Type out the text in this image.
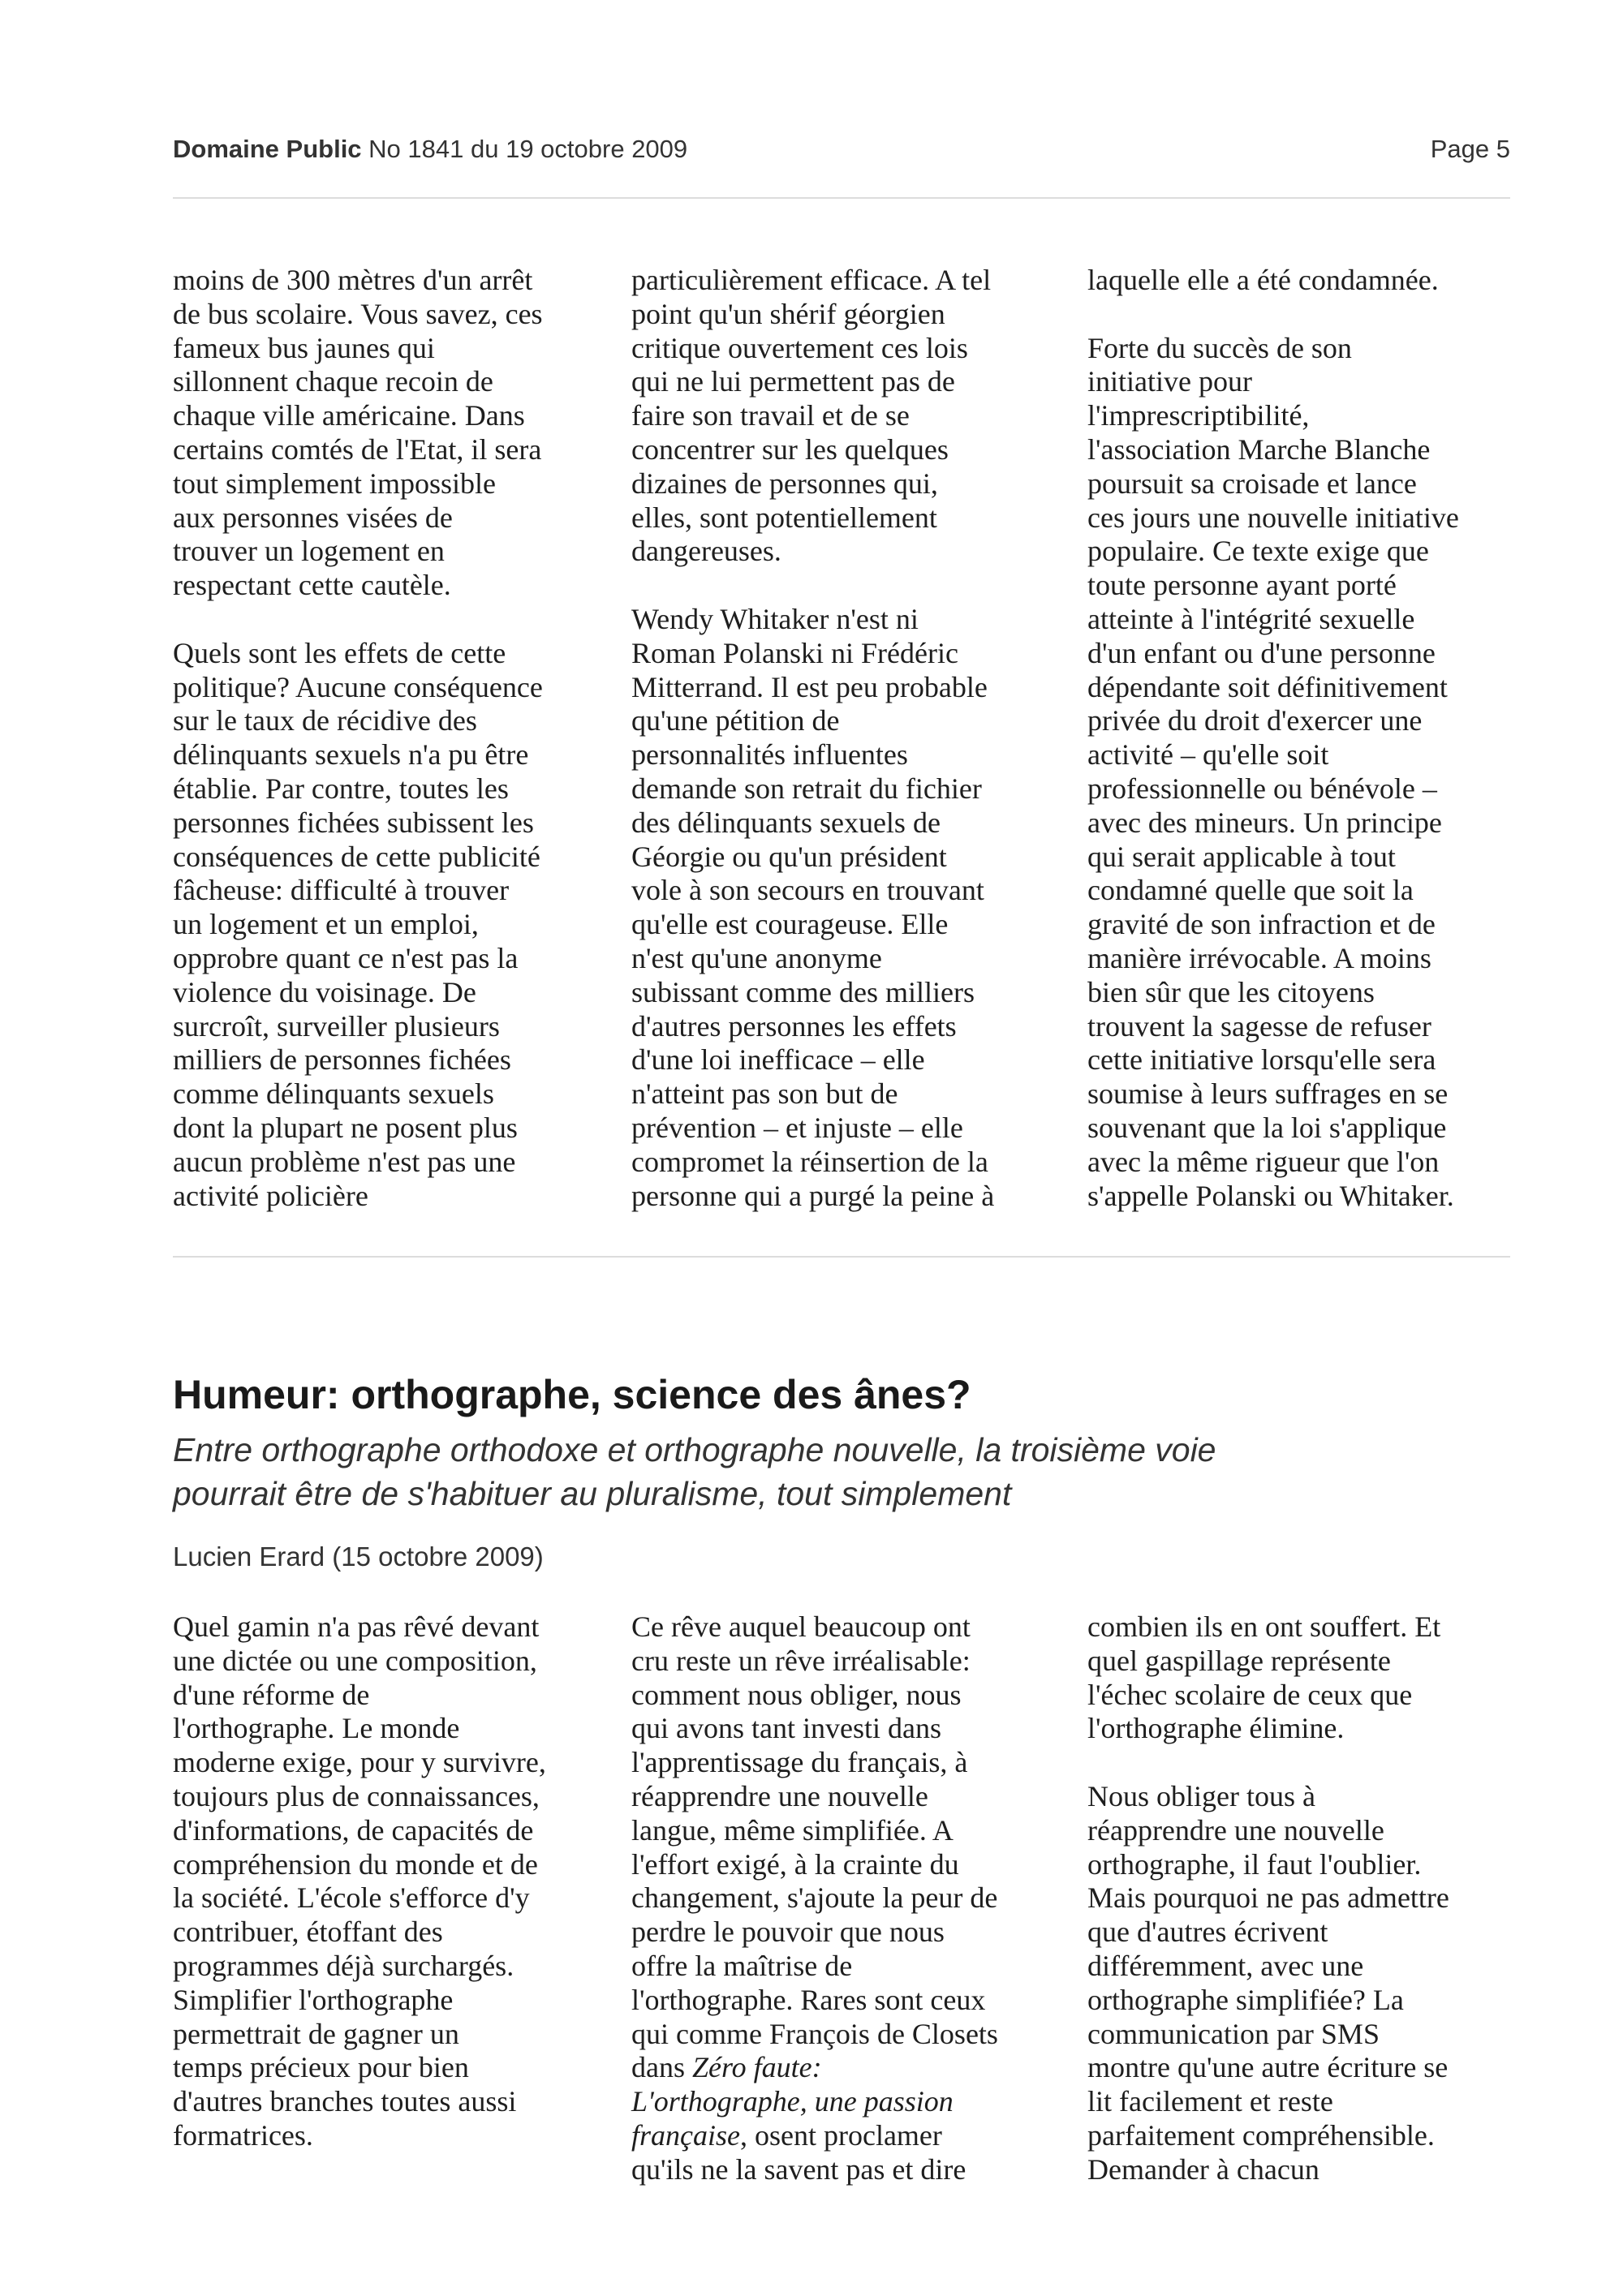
Domaine Public No 1841 du 19 octobre 2009	Page 5

moins de 300 mètres d'un arrêt
de bus scolaire. Vous savez, ces
fameux bus jaunes qui
sillonnent chaque recoin de
chaque ville américaine. Dans
certains comtés de l'Etat, il sera
tout simplement impossible
aux personnes visées de
trouver un logement en
respectant cette cautèle.

Quels sont les effets de cette
politique? Aucune conséquence
sur le taux de récidive des
délinquants sexuels n'a pu être
établie. Par contre, toutes les
personnes fichées subissent les
conséquences de cette publicité
fâcheuse: difficulté à trouver
un logement et un emploi,
opprobre quant ce n'est pas la
violence du voisinage. De
surcroît, surveiller plusieurs
milliers de personnes fichées
comme délinquants sexuels
dont la plupart ne posent plus
aucun problème n'est pas une
activité policière

particulièrement efficace. A tel
point qu'un shérif géorgien
critique ouvertement ces lois
qui ne lui permettent pas de
faire son travail et de se
concentrer sur les quelques
dizaines de personnes qui,
elles, sont potentiellement
dangereuses.

Wendy Whitaker n'est ni
Roman Polanski ni Frédéric
Mitterrand. Il est peu probable
qu'une pétition de
personnalités influentes
demande son retrait du fichier
des délinquants sexuels de
Géorgie ou qu'un président
vole à son secours en trouvant
qu'elle est courageuse. Elle
n'est qu'une anonyme
subissant comme des milliers
d'autres personnes les effets
d'une loi inefficace – elle
n'atteint pas son but de
prévention – et injuste – elle
compromet la réinsertion de la
personne qui a purgé la peine à

laquelle elle a été condamnée.

Forte du succès de son
initiative pour
l'imprescriptibilité,
l'association Marche Blanche
poursuit sa croisade et lance
ces jours une nouvelle initiative
populaire. Ce texte exige que
toute personne ayant porté
atteinte à l'intégrité sexuelle
d'un enfant ou d'une personne
dépendante soit définitivement
privée du droit d'exercer une
activité – qu'elle soit
professionnelle ou bénévole –
avec des mineurs. Un principe
qui serait applicable à tout
condamné quelle que soit la
gravité de son infraction et de
manière irrévocable. A moins
bien sûr que les citoyens
trouvent la sagesse de refuser
cette initiative lorsqu'elle sera
soumise à leurs suffrages en se
souvenant que la loi s'applique
avec la même rigueur que l'on
s'appelle Polanski ou Whitaker.

Humeur: orthographe, science des ânes?

Entre orthographe orthodoxe et orthographe nouvelle, la troisième voie
pourrait être de s'habituer au pluralisme, tout simplement

Lucien Erard (15 octobre 2009)

Quel gamin n'a pas rêvé devant
une dictée ou une composition,
d'une réforme de
l'orthographe. Le monde
moderne exige, pour y survivre,
toujours plus de connaissances,
d'informations, de capacités de
compréhension du monde et de
la société. L'école s'efforce d'y
contribuer, étoffant des
programmes déjà surchargés.
Simplifier l'orthographe
permettrait de gagner un
temps précieux pour bien
d'autres branches toutes aussi
formatrices.

Ce rêve auquel beaucoup ont
cru reste un rêve irréalisable:
comment nous obliger, nous
qui avons tant investi dans
l'apprentissage du français, à
réapprendre une nouvelle
langue, même simplifiée. A
l'effort exigé, à la crainte du
changement, s'ajoute la peur de
perdre le pouvoir que nous
offre la maîtrise de
l'orthographe. Rares sont ceux
qui comme François de Closets
dans Zéro faute:
L'orthographe, une passion
française, osent proclamer
qu'ils ne la savent pas et dire

combien ils en ont souffert. Et
quel gaspillage représente
l'échec scolaire de ceux que
l'orthographe élimine.

Nous obliger tous à
réapprendre une nouvelle
orthographe, il faut l'oublier.
Mais pourquoi ne pas admettre
que d'autres écrivent
différemment, avec une
orthographe simplifiée? La
communication par SMS
montre qu'une autre écriture se
lit facilement et reste
parfaitement compréhensible.
Demander à chacun
